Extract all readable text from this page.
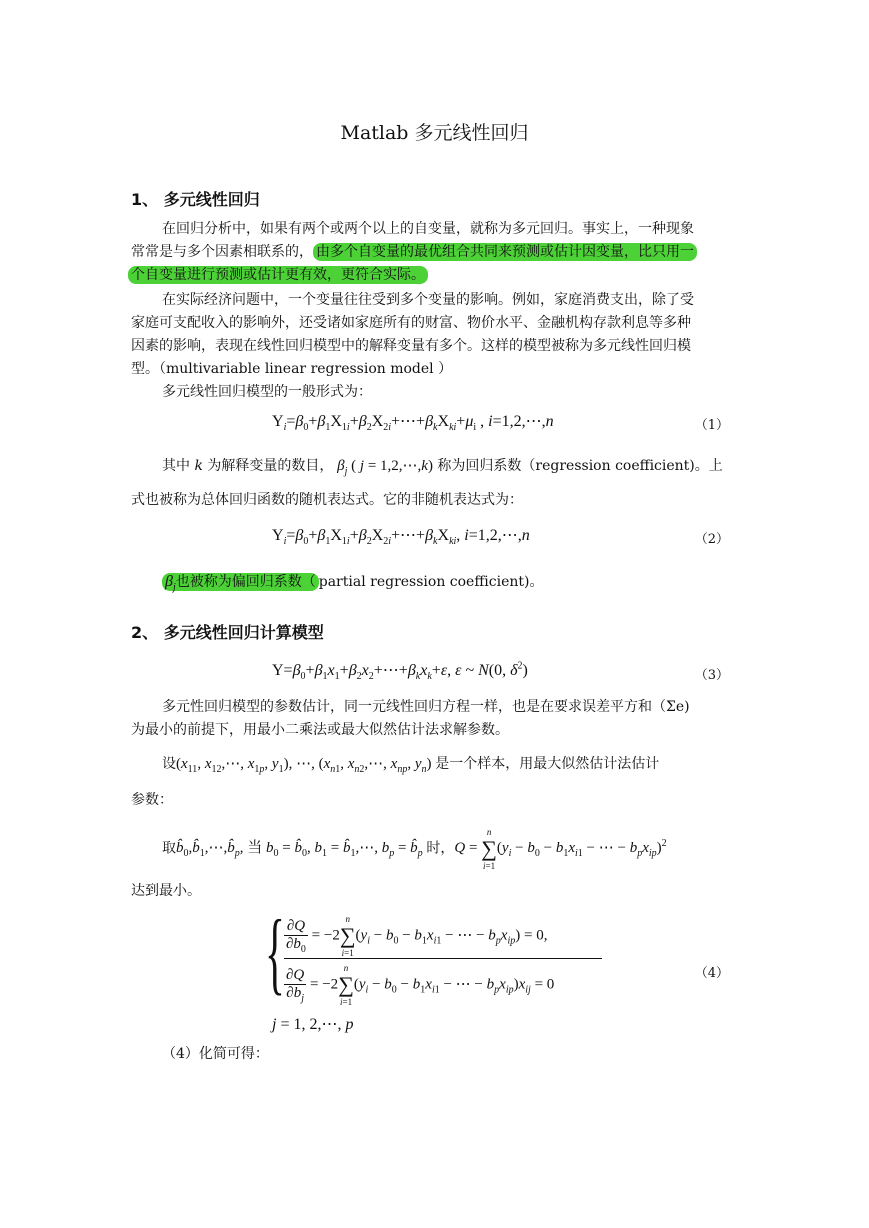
Matlab 多元线性回归
1、 多元线性回归
在回归分析中，如果有两个或两个以上的自变量，就称为多元回归。事实上，一种现象
常常是与多个因素相联系的， 由多个自变量的最优组合共同来预测或估计因变量，比只用一
个自变量进行预测或估计更有效，更符合实际。
在实际经济问题中，一个变量往往受到多个变量的影响。例如，家庭消费支出，除了受
家庭可支配收入的影响外，还受诸如家庭所有的财富、物价水平、金融机构存款利息等多种
因素的影响，表现在线性回归模型中的解释变量有多个。这样的模型被称为多元线性回归模
型。（multivariable linear regression model ）
多元线性回归模型的一般形式为：
$Y_i=\beta_0+\beta_1X_{1i}+\beta_2X_{2i}+\cdots+\beta_kX_{ki}+\mu_i$ , i=1,2,⋯,n	（1）
其中 k 为解释变量的数目， $\beta_j$ ( j = 1,2,⋯,k) 称为回归系数（regression coefficient)。上
式也被称为总体回归函数的随机表达式。它的非随机表达式为：
$Y_i=\beta_0+\beta_1X_{1i}+\beta_2X_{2i}+\cdots+\beta_kX_{ki}$, i=1,2,⋯,n	（2）
$\beta_j$也被称为偏回归系数（ partial regression coefficient)。
2、 多元线性回归计算模型
$Y=\beta_0+\beta_1x_1+\beta_2x_2+\cdots+\beta_kx_k+\varepsilon$, ε ~ N(0, $\delta^2$)	（3）
多元性回归模型的参数估计，同一元线性回归方程一样，也是在要求误差平方和（Σe)
为最小的前提下，用最小二乘法或最大似然估计法求解参数。
设($x_{11}$, $x_{12},\cdots$, $x_{1p}$, $y_1$), ⋯, ($x_{n1}$, $x_{n2},\cdots$, $x_{np}$, $y_n$) 是一个样本，用最大似然估计法估计
参数：
取$b̂_0,b̂_1,\cdots,b̂_p$, 当 $b_0$ = $b̂_0$, $b_1$ = $b̂_1,\cdots$, $b_p$ = $b̂_p$ 时，Q =
n
∑
i=1
($y_i - b_0 - b_1x_{i1}$ − ⋯ − $b_px_{ip})^2$
达到最小。
{ $\frac{\partial Q}{\partial b_0} = -2$
n
∑
i=1
($y_i - b_0 - b_1x_{i1}$ − ⋯ − $b_px_{ip}) = 0$,
$\frac{\partial Q}{\partial b_j} = -2$
n
∑
i=1
($y_i - b_0 - b_1x_{i1}$ − ⋯ − $b_px_{ip})x_{ij} = 0$
（4）
j = 1, 2,⋯, p
（4）化简可得：
